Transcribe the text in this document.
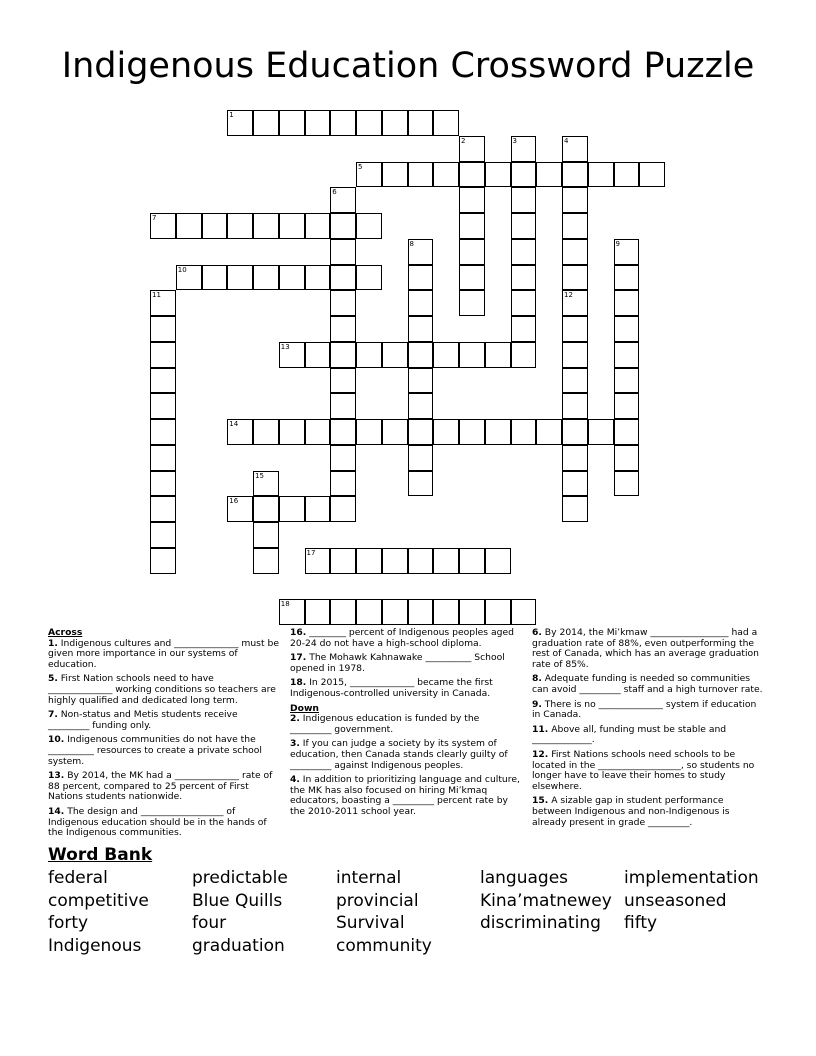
Indigenous Education Crossword Puzzle
1
2	3	4
5
6
7
8	9
10
11	12
13
14
15
16
17
18
Across
1. Indigenous cultures and ______________ must be given more importance in our systems of education.
5. First Nation schools need to have ______________ working conditions so teachers are highly qualified and dedicated long term.
7. Non-status and Metis students receive _________ funding only.
10. Indigenous communities do not have the __________ resources to create a private school system.
13. By 2014, the MK had a ______________ rate of 88 percent, compared to 25 percent of First Nations students nationwide.
14. The design and __________________ of Indigenous education should be in the hands of the Indigenous communities.
16. ________ percent of Indigenous peoples aged 20-24 do not have a high-school diploma.
17. The Mohawk Kahnawake __________ School opened in 1978.
18. In 2015, ______________ became the first Indigenous-controlled university in Canada.
Down
2. Indigenous education is funded by the _________ government.
3. If you can judge a society by its system of education, then Canada stands clearly guilty of _________ against Indigenous peoples.
4. In addition to prioritizing language and culture, the MK has also focused on hiring Mi’kmaq educators, boasting a _________ percent rate by the 2010-2011 school year.
6. By 2014, the Mi’kmaw _________________ had a graduation rate of 88%, even outperforming the rest of Canada, which has an average graduation rate of 85%.
8. Adequate funding is needed so communities can avoid _________ staff and a high turnover rate.
9. There is no ______________ system if education in Canada.
11. Above all, funding must be stable and _____________.
12. First Nations schools need schools to be located in the __________________, so students no longer have to leave their homes to study elsewhere.
15. A sizable gap in student performance between Indigenous and non-Indigenous is already present in grade _________.
Word Bank
federal
competitive
forty
Indigenous
predictable
Blue Quills
four
graduation
internal
provincial
Survival
community
languages
Kina’matnewey
discriminating
implementation
unseasoned
fifty
